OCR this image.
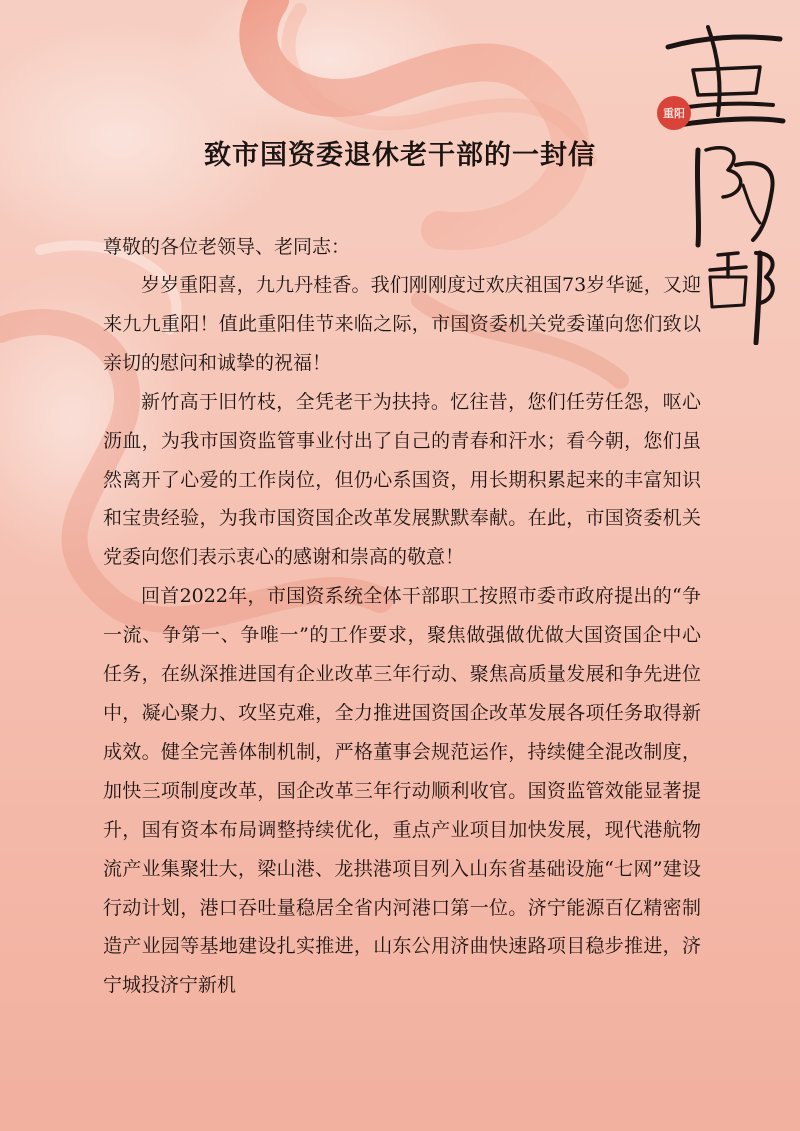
致市国资委退休老干部的一封信
重阳

尊敬的各位老领导、老同志：

岁岁重阳喜，九九丹桂香。我们刚刚度过欢庆祖国73岁华诞，又迎来九九重阳！值此重阳佳节来临之际，市国资委机关党委谨向您们致以亲切的慰问和诚挚的祝福！

新竹高于旧竹枝，全凭老干为扶持。忆往昔，您们任劳任怨，呕心沥血，为我市国资监管事业付出了自己的青春和汗水；看今朝，您们虽然离开了心爱的工作岗位，但仍心系国资，用长期积累起来的丰富知识和宝贵经验，为我市国资国企改革发展默默奉献。在此，市国资委机关党委向您们表示衷心的感谢和崇高的敬意！

回首2022年，市国资系统全体干部职工按照市委市政府提出的“争一流、争第一、争唯一”的工作要求，聚焦做强做优做大国资国企中心任务，在纵深推进国有企业改革三年行动、聚焦高质量发展和争先进位中，凝心聚力、攻坚克难，全力推进国资国企改革发展各项任务取得新成效。健全完善体制机制，严格董事会规范运作，持续健全混改制度，加快三项制度改革，国企改革三年行动顺利收官。国资监管效能显著提升，国有资本布局调整持续优化，重点产业项目加快发展，现代港航物流产业集聚壮大，梁山港、龙拱港项目列入山东省基础设施“七网”建设行动计划，港口吞吐量稳居全省内河港口第一位。济宁能源百亿精密制造产业园等基地建设扎实推进，山东公用济曲快速路项目稳步推进，济宁城投济宁新机
